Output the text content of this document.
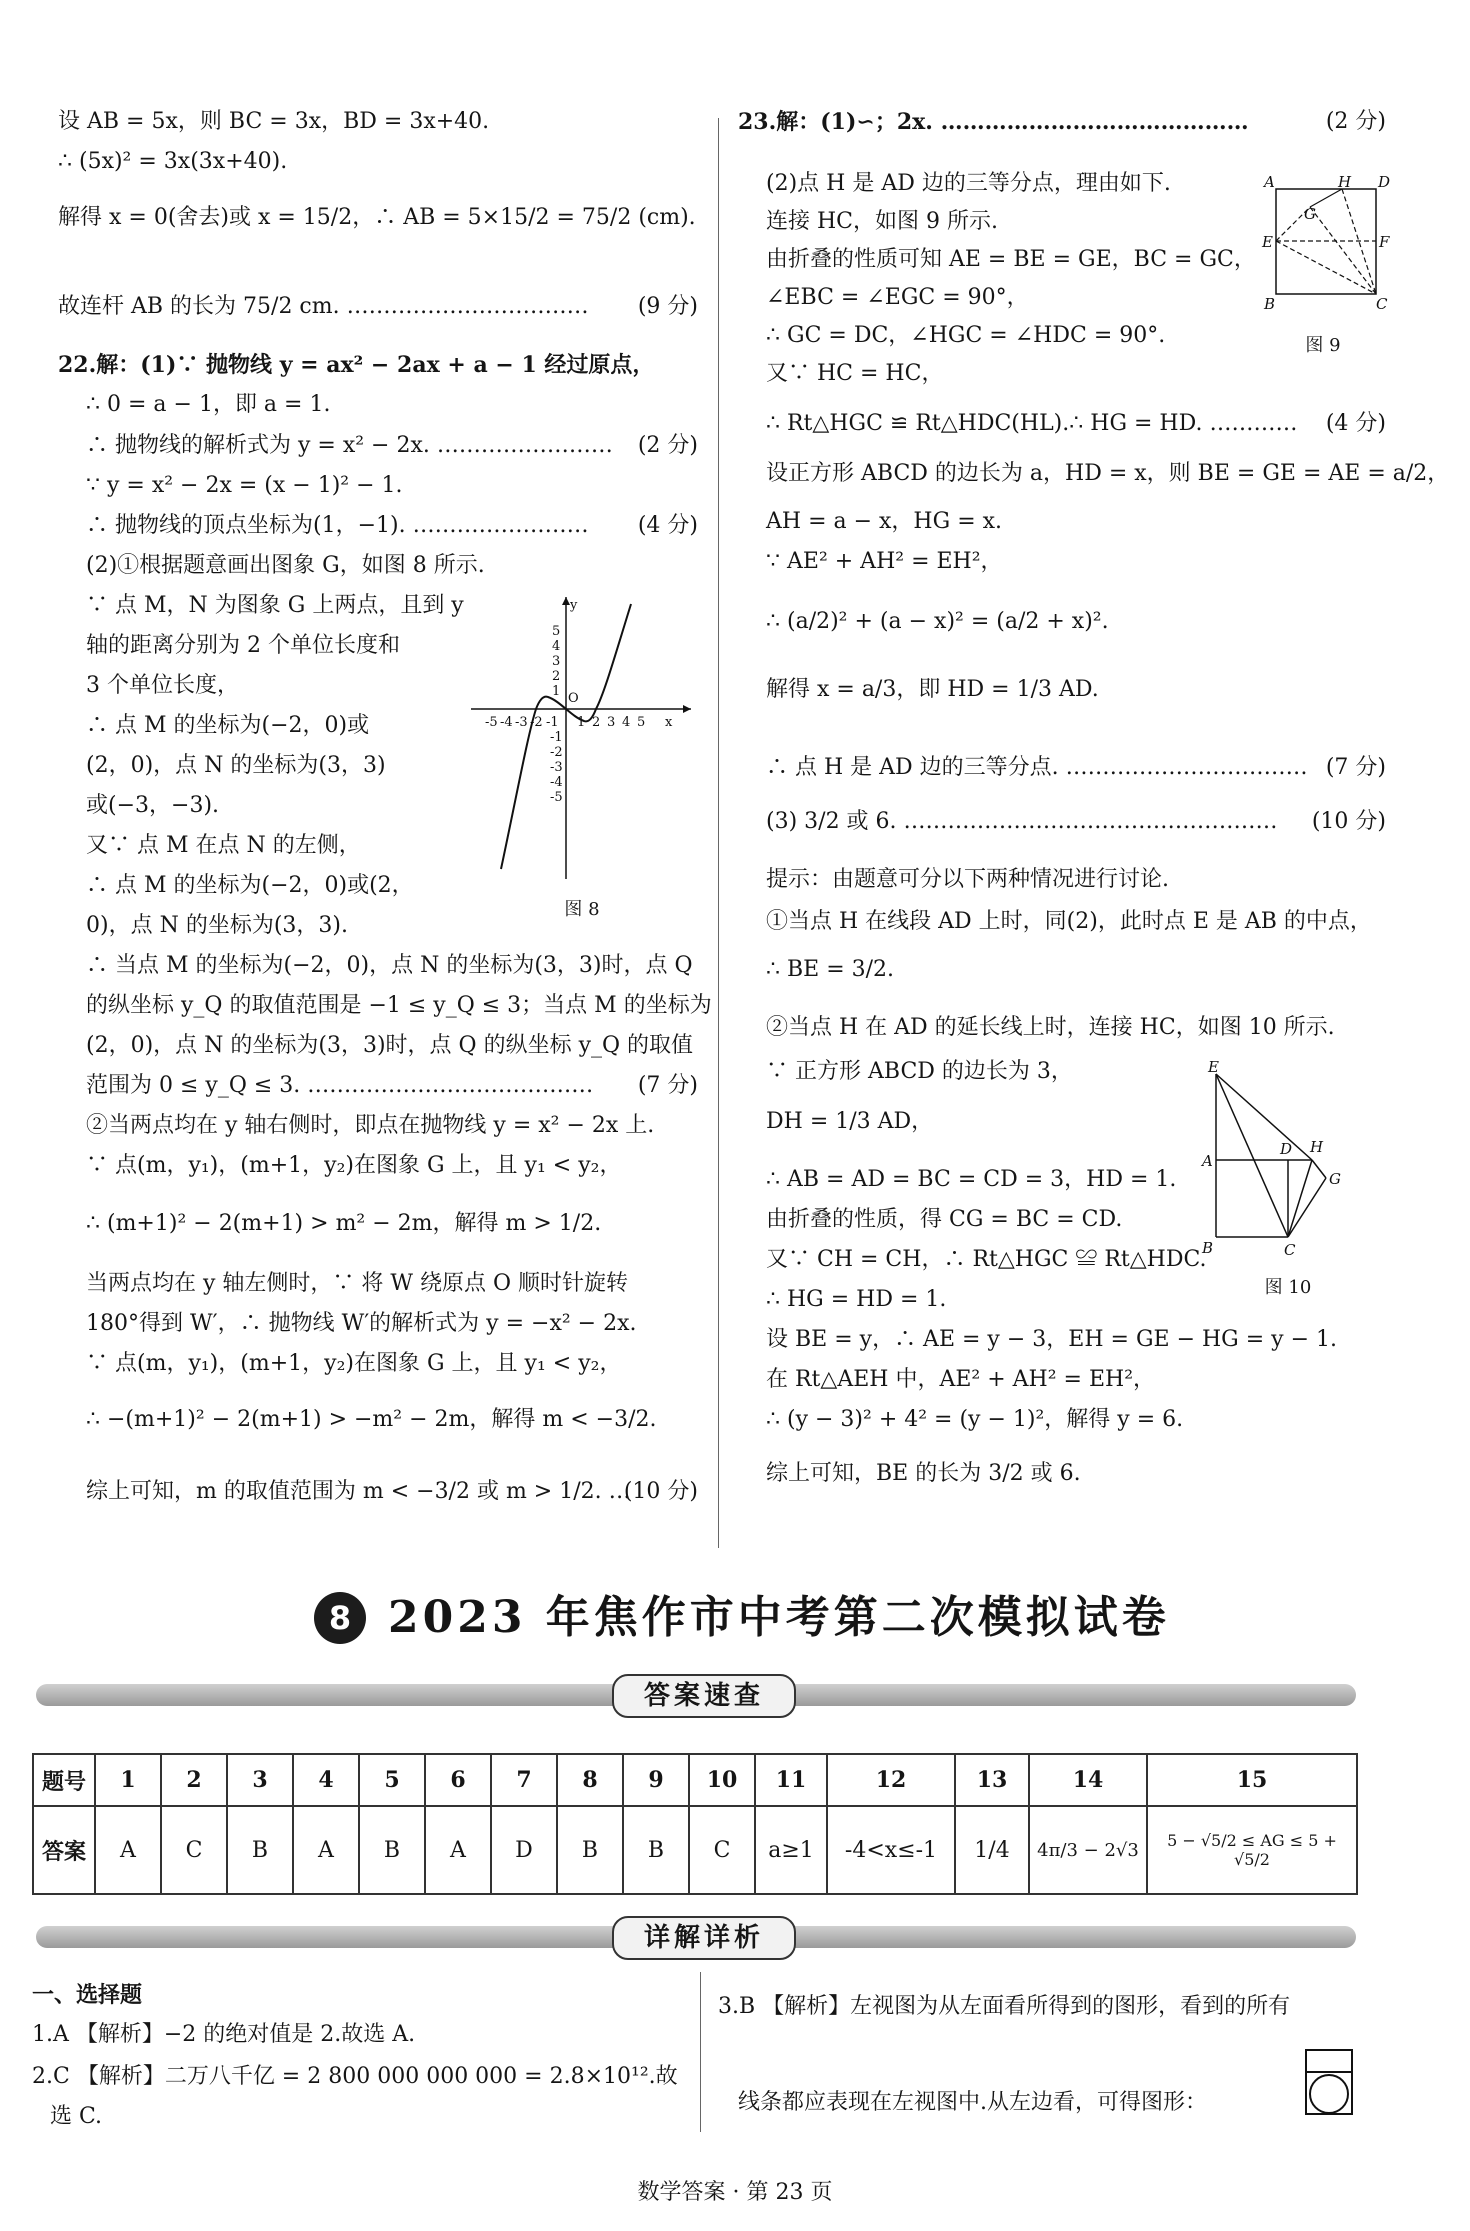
设 AB = 5x，则 BC = 3x，BD = 3x+40.
∴ (5x)² = 3x(3x+40).
解得 x = 0(舍去)或 x = 15/2，∴ AB = 5×15/2 = 75/2 (cm).
故连杆 AB 的长为 75/2 cm. ……………………………	(9 分)
22.解：(1)∵ 抛物线 y = ax² − 2ax + a − 1 经过原点，
∴ 0 = a − 1，即 a = 1.
∴ 抛物线的解析式为 y = x² − 2x. ……………………	(2 分)
∵ y = x² − 2x = (x − 1)² − 1.
∴ 抛物线的顶点坐标为(1，−1). ……………………	(4 分)
(2)①根据题意画出图象 G，如图 8 所示.
∵ 点 M，N 为图象 G 上两点，且到 y
轴的距离分别为 2 个单位长度和
3 个单位长度，
∴ 点 M 的坐标为(−2，0)或
(2，0)，点 N 的坐标为(3，3)
或(−3，−3).
又∵ 点 M 在点 N 的左侧，
∴ 点 M 的坐标为(−2，0)或(2，
0)，点 N 的坐标为(3，3).
∴ 当点 M 的坐标为(−2，0)，点 N 的坐标为(3，3)时，点 Q
的纵坐标 y_Q 的取值范围是 −1 ≤ y_Q ≤ 3；当点 M 的坐标为
(2，0)，点 N 的坐标为(3，3)时，点 Q 的纵坐标 y_Q 的取值
范围为 0 ≤ y_Q ≤ 3. …………………………………	(7 分)
②当两点均在 y 轴右侧时，即点在抛物线 y = x² − 2x 上.
∵ 点(m，y₁)，(m+1，y₂)在图象 G 上，且 y₁ < y₂，
∴ (m+1)² − 2(m+1) > m² − 2m，解得 m > 1/2.
当两点均在 y 轴左侧时，∵ 将 W 绕原点 O 顺时针旋转
180°得到 W′，∴ 抛物线 W′的解析式为 y = −x² − 2x.
∵ 点(m，y₁)，(m+1，y₂)在图象 G 上，且 y₁ < y₂，
∴ −(m+1)² − 2(m+1) > −m² − 2m，解得 m < −3/2.
综上可知，m 的取值范围为 m < −3/2 或 m > 1/2. …
(10 分)
-5 -4 -3 -2 -1 1 2 3 4 5 x
5
4
3
2
1
-1
-2
-3
-4
-5
y
O
图 8
23.解：(1)∽；2x. ……………………………………	(2 分)
(2)点 H 是 AD 边的三等分点，理由如下.
连接 HC，如图 9 所示.
由折叠的性质可知 AE = BE = GE，BC = GC，
∠EBC = ∠EGC = 90°，
∴ GC = DC，∠HGC = ∠HDC = 90°.
又∵ HC = HC，
∴ Rt△HGC ≌ Rt△HDC(HL).∴ HG = HD. …………	(4 分)
设正方形 ABCD 的边长为 a，HD = x，则 BE = GE = AE = a/2，
AH = a − x，HG = x.
∵ AE² + AH² = EH²，
∴ (a/2)² + (a − x)² = (a/2 + x)².
解得 x = a/3，即 HD = 1/3 AD.
∴ 点 H 是 AD 边的三等分点. …………………………… (7 分)
(3) 3/2 或 6. ……………………………………………	(10 分)
提示：由题意可分以下两种情况进行讨论.
①当点 H 在线段 AD 上时，同(2)，此时点 E 是 AB 的中点，
∴ BE = 3/2.
②当点 H 在 AD 的延长线上时，连接 HC，如图 10 所示.
∵ 正方形 ABCD 的边长为 3，
DH = 1/3 AD，
∴ AB = AD = BC = CD = 3，HD = 1.
由折叠的性质，得 CG = BC = CD.
又∵ CH = CH，∴ Rt△HGC ≌ Rt△HDC.
∴ HG = HD = 1.
设 BE = y，∴ AE = y − 3，EH = GE − HG = y − 1.
在 Rt△AEH 中，AE² + AH² = EH²，
∴ (y − 3)² + 4² = (y − 1)²，解得 y = 6.
综上可知，BE 的长为 3/2 或 6.
A	H D
G
E	F
B	C
图 9
E
D H
A
G
B	C
图 10
8 2023 年焦作市中考第二次模拟试卷
答案速查
题号	1	2	3	4	5	6	7	8	9	10	11	12	13	14	15
答案	A	C	B	A	B	A	D	B	B	C	a≥1	-4<x≤-1	1/4	4π/3 − 2√3	5 − √5/2 ≤ AG ≤ 5 + √5/2
详解详析
一、选择题
1.A 【解析】−2 的绝对值是 2.故选 A.
2.C 【解析】二万八千亿 = 2 800 000 000 000 = 2.8×10¹².故
选 C.
3.B 【解析】左视图为从左面看所得到的图形，看到的所有
线条都应表现在左视图中.从左边看，可得图形：
数学答案 · 第 23 页
